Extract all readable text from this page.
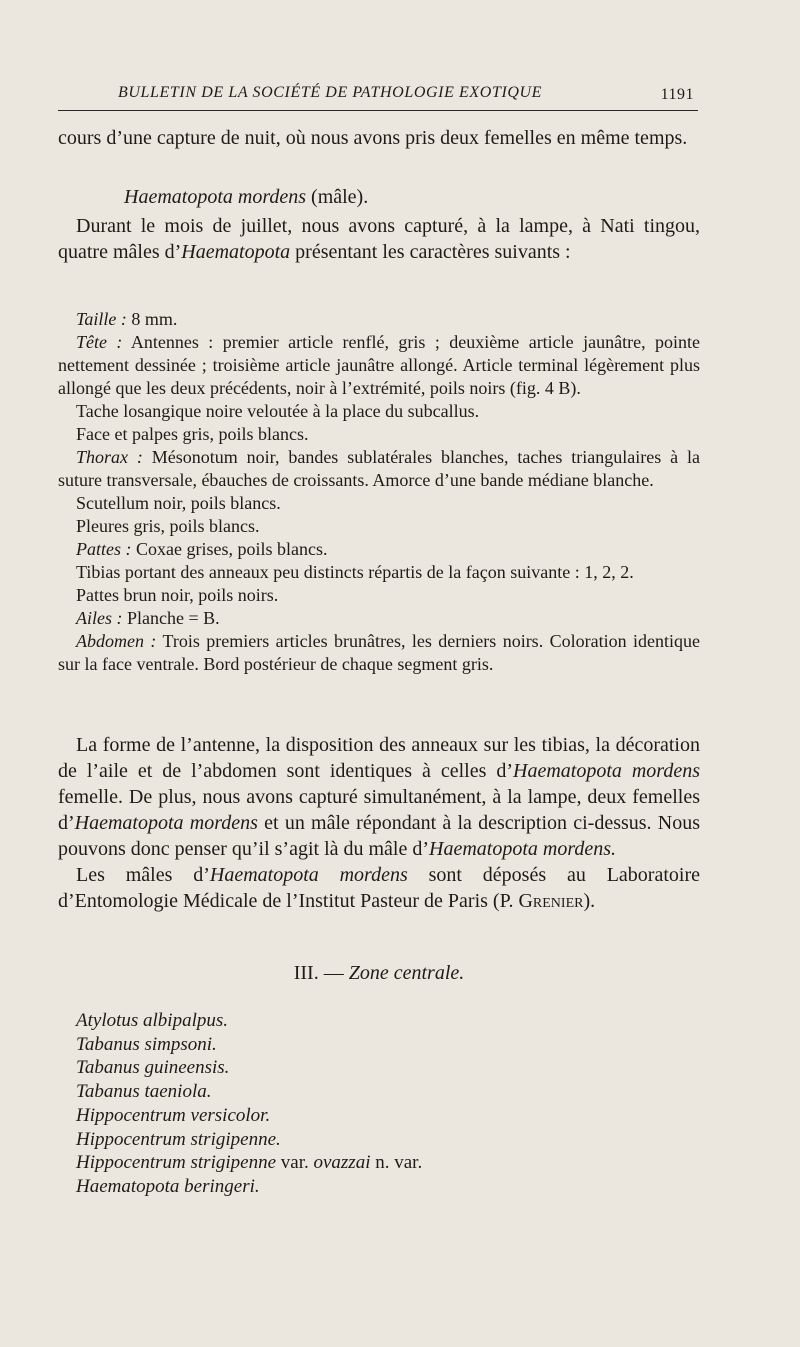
BULLETIN DE LA SOCIÉTÉ DE PATHOLOGIE EXOTIQUE	1191

cours d’une capture de nuit, où nous avons pris deux femelles en même temps.

Haematopota mordens (mâle).

Durant le mois de juillet, nous avons capturé, à la lampe, à Nati tingou, quatre mâles d’Haematopota présentant les caractères suivants :

Taille : 8 mm.

Tête : Antennes : premier article renflé, gris ; deuxième article jaunâtre, pointe nettement dessinée ; troisième article jaunâtre allongé. Article terminal légèrement plus allongé que les deux précédents, noir à l’extrémité, poils noirs (fig. 4 B).

Tache losangique noire veloutée à la place du subcallus.

Face et palpes gris, poils blancs.

Thorax : Mésonotum noir, bandes sublatérales blanches, taches triangulaires à la suture transversale, ébauches de croissants. Amorce d’une bande médiane blanche.

Scutellum noir, poils blancs.

Pleures gris, poils blancs.

Pattes : Coxae grises, poils blancs.

Tibias portant des anneaux peu distincts répartis de la façon suivante : 1, 2, 2.

Pattes brun noir, poils noirs.

Ailes : Planche = B.

Abdomen : Trois premiers articles brunâtres, les derniers noirs. Coloration identique sur la face ventrale. Bord postérieur de chaque segment gris.

La forme de l’antenne, la disposition des anneaux sur les tibias, la décoration de l’aile et de l’abdomen sont identiques à celles d’Haematopota mordens femelle. De plus, nous avons capturé simultanément, à la lampe, deux femelles d’Haematopota mordens et un mâle répondant à la description ci-dessus. Nous pouvons donc penser qu’il s’agit là du mâle d’Haematopota mordens.

Les mâles d’Haematopota mordens sont déposés au Laboratoire d’Entomologie Médicale de l’Institut Pasteur de Paris (P. Grenier).

III. — Zone centrale.

Atylotus albipalpus.
Tabanus simpsoni.
Tabanus guineensis.
Tabanus taeniola.
Hippocentrum versicolor.
Hippocentrum strigipenne.
Hippocentrum strigipenne var. ovazzai n. var.
Haematopota beringeri.
